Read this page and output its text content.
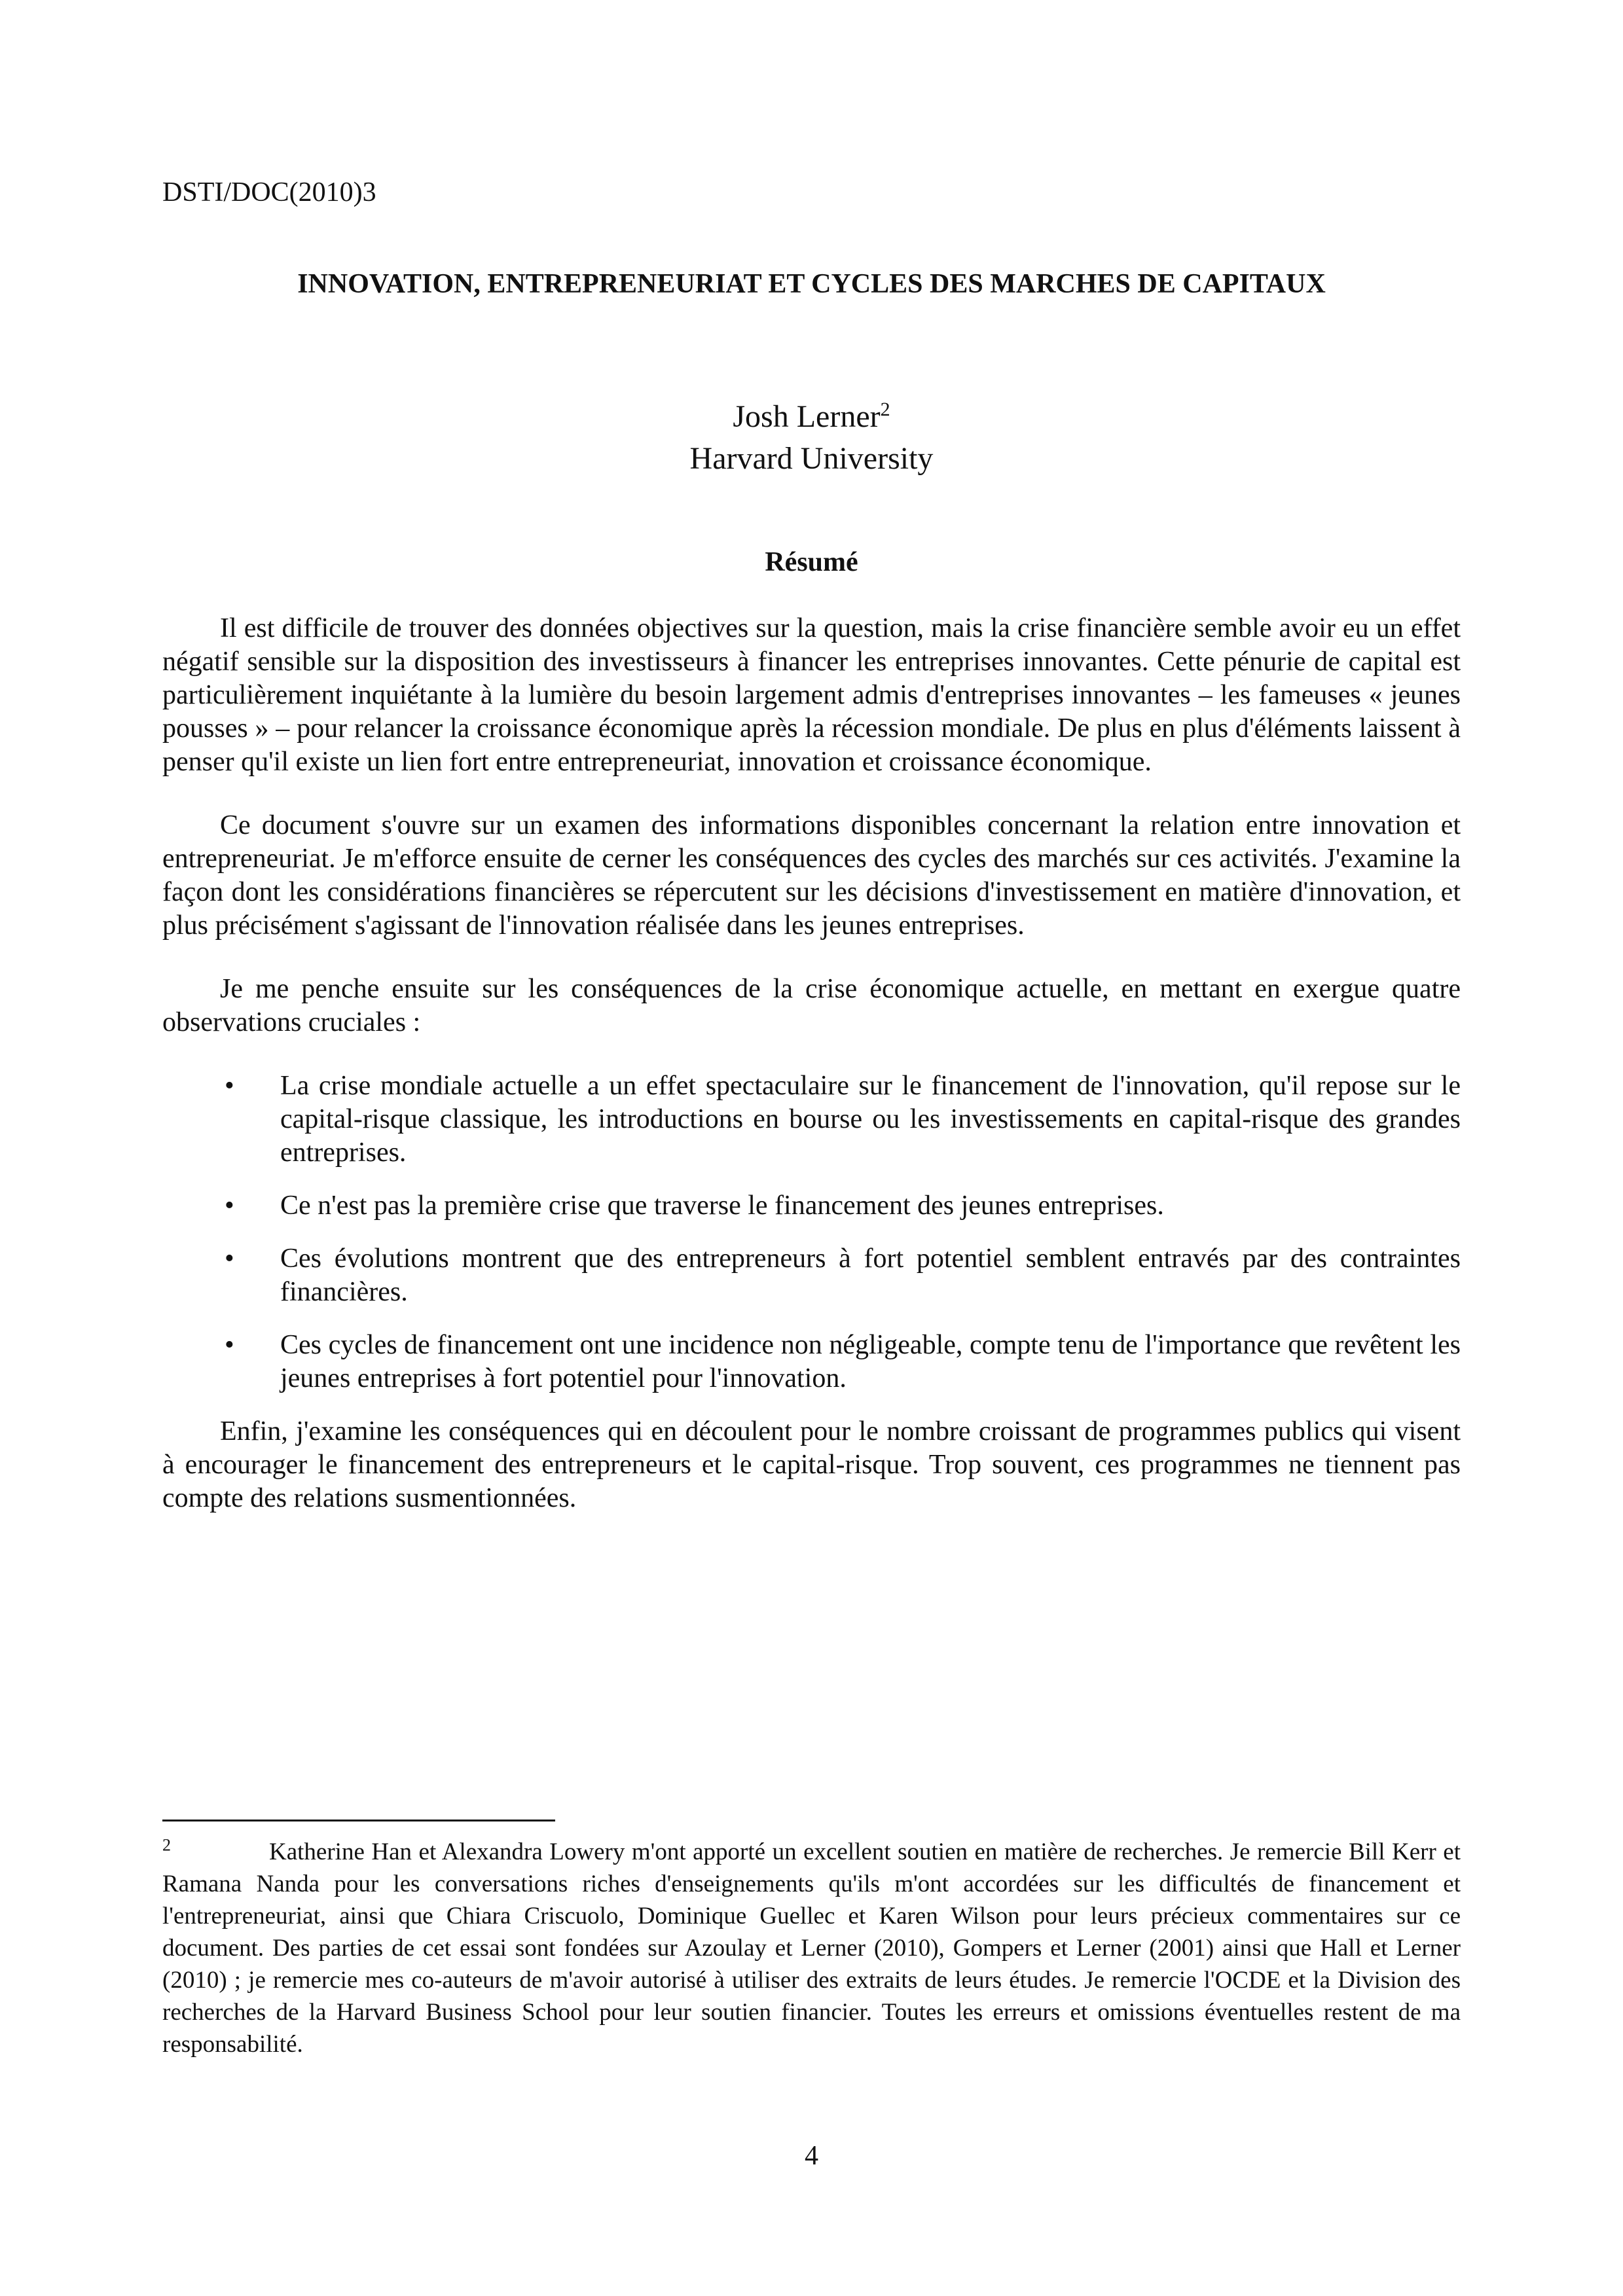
DSTI/DOC(2010)3
INNOVATION, ENTREPRENEURIAT ET CYCLES DES MARCHES DE CAPITAUX
Josh Lerner$^2$
Harvard University
Résumé

Il est difficile de trouver des données objectives sur la question, mais la crise financière semble avoir eu un effet négatif sensible sur la disposition des investisseurs à financer les entreprises innovantes. Cette pénurie de capital est particulièrement inquiétante à la lumière du besoin largement admis d'entreprises innovantes – les fameuses « jeunes pousses » – pour relancer la croissance économique après la récession mondiale. De plus en plus d'éléments laissent à penser qu'il existe un lien fort entre entrepreneuriat, innovation et croissance économique.

Ce document s'ouvre sur un examen des informations disponibles concernant la relation entre innovation et entrepreneuriat. Je m'efforce ensuite de cerner les conséquences des cycles des marchés sur ces activités. J'examine la façon dont les considérations financières se répercutent sur les décisions d'investissement en matière d'innovation, et plus précisément s'agissant de l'innovation réalisée dans les jeunes entreprises.

Je me penche ensuite sur les conséquences de la crise économique actuelle, en mettant en exergue quatre observations cruciales :

• La crise mondiale actuelle a un effet spectaculaire sur le financement de l'innovation, qu'il repose sur le capital-risque classique, les introductions en bourse ou les investissements en capital-risque des grandes entreprises.
• Ce n'est pas la première crise que traverse le financement des jeunes entreprises.
• Ces évolutions montrent que des entrepreneurs à fort potentiel semblent entravés par des contraintes financières.
• Ces cycles de financement ont une incidence non négligeable, compte tenu de l'importance que revêtent les jeunes entreprises à fort potentiel pour l'innovation.

Enfin, j'examine les conséquences qui en découlent pour le nombre croissant de programmes publics qui visent à encourager le financement des entrepreneurs et le capital-risque. Trop souvent, ces programmes ne tiennent pas compte des relations susmentionnées.

$^2$	Katherine Han et Alexandra Lowery m'ont apporté un excellent soutien en matière de recherches. Je remercie Bill Kerr et Ramana Nanda pour les conversations riches d'enseignements qu'ils m'ont accordées sur les difficultés de financement et l'entrepreneuriat, ainsi que Chiara Criscuolo, Dominique Guellec et Karen Wilson pour leurs précieux commentaires sur ce document. Des parties de cet essai sont fondées sur Azoulay et Lerner (2010), Gompers et Lerner (2001) ainsi que Hall et Lerner (2010) ; je remercie mes co-auteurs de m'avoir autorisé à utiliser des extraits de leurs études. Je remercie l'OCDE et la Division des recherches de la Harvard Business School pour leur soutien financier. Toutes les erreurs et omissions éventuelles restent de ma responsabilité.
4
